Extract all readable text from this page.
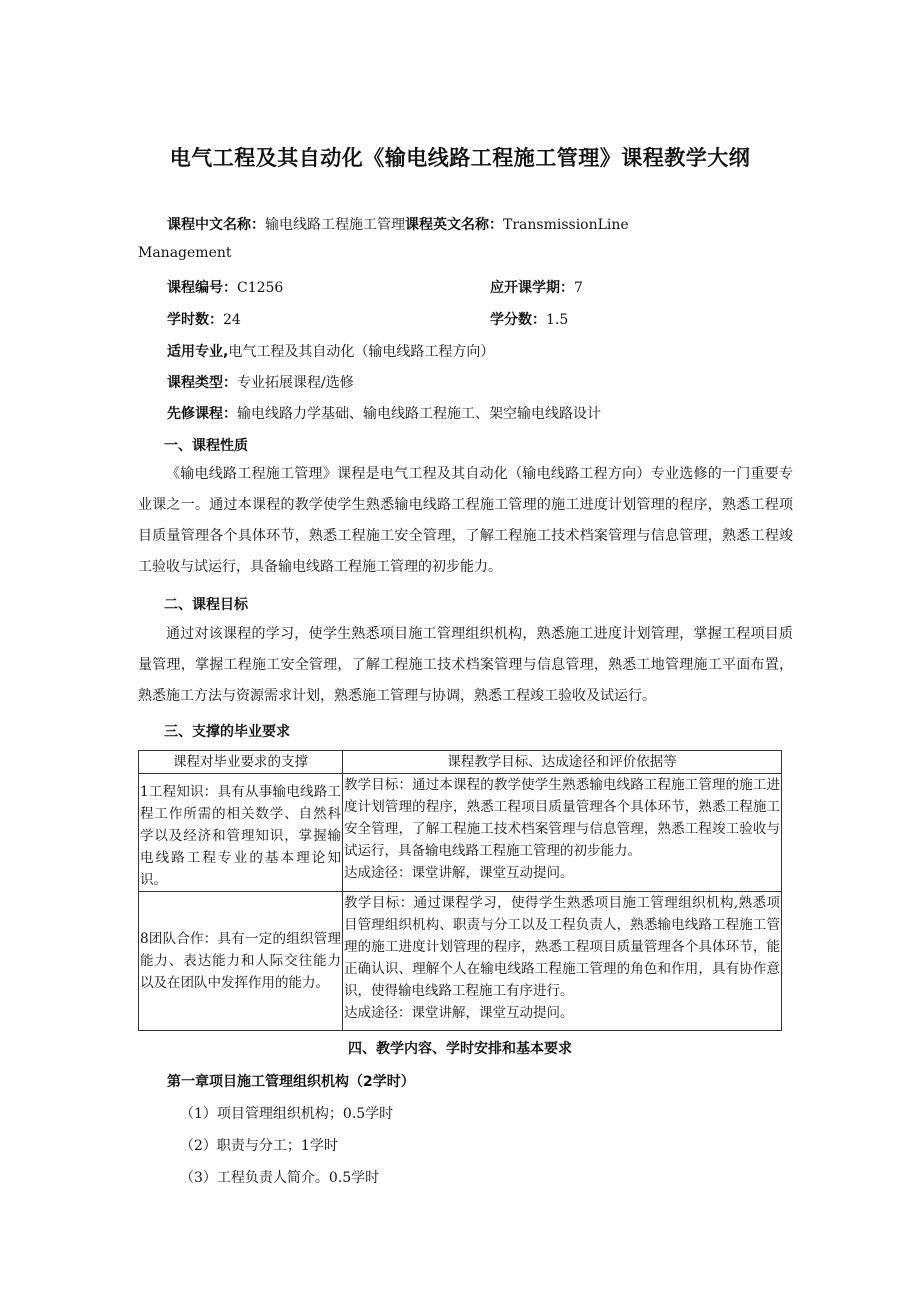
电气工程及其自动化《输电线路工程施工管理》课程教学大纲
课程中文名称：输电线路工程施工管理课程英文名称：TransmissionLine
Management
课程编号：C1256	应开课学期：7
学时数：24	学分数：1.5
适用专业,电气工程及其自动化（输电线路工程方向）
课程类型：专业拓展课程/选修
先修课程：输电线路力学基础、输电线路工程施工、架空输电线路设计
一、课程性质
《输电线路工程施工管理》课程是电气工程及其自动化（输电线路工程方向）专业选修的一门重要专业课之一。通过本课程的教学使学生熟悉输电线路工程施工管理的施工进度计划管理的程序，熟悉工程项目质量管理各个具体环节，熟悉工程施工安全管理，了解工程施工技术档案管理与信息管理，熟悉工程竣工验收与试运行，具备输电线路工程施工管理的初步能力。
二、课程目标
通过对该课程的学习，使学生熟悉项目施工管理组织机构，熟悉施工进度计划管理，掌握工程项目质量管理，掌握工程施工安全管理，了解工程施工技术档案管理与信息管理，熟悉工地管理施工平面布置，熟悉施工方法与资源需求计划，熟悉施工管理与协调，熟悉工程竣工验收及试运行。
三、支撑的毕业要求
课程对毕业要求的支撑	课程教学目标、达成途径和评价依据等
1工程知识：具有从事输电线路工程工作所需的相关数学、自然科学以及经济和管理知识，掌握输电线路工程专业的基本理论知识。	教学目标：通过本课程的教学使学生熟悉输电线路工程施工管理的施工进度计划管理的程序，熟悉工程项目质量管理各个具体环节，熟悉工程施工安全管理，了解工程施工技术档案管理与信息管理，熟悉工程竣工验收与试运行，具备输电线路工程施工管理的初步能力。
达成途径：课堂讲解，课堂互动提问。

8团队合作：具有一定的组织管理能力、表达能力和人际交往能力以及在团队中发挥作用的能力。	教学目标：通过课程学习，使得学生熟悉项目施工管理组织机构,熟悉项目管理组织机构、职责与分工以及工程负责人，熟悉输电线路工程施工管理的施工进度计划管理的程序，熟悉工程项目质量管理各个具体环节，能正确认识、理解个人在输电线路工程施工管理的角色和作用，具有协作意识，使得输电线路工程施工有序进行。
达成途径：课堂讲解，课堂互动提问。
四、教学内容、学时安排和基本要求
第一章项目施工管理组织机构（2学时）
（1）项目管理组织机构；0.5学时
（2）职责与分工；1学时
（3）工程负责人简介。0.5学时
